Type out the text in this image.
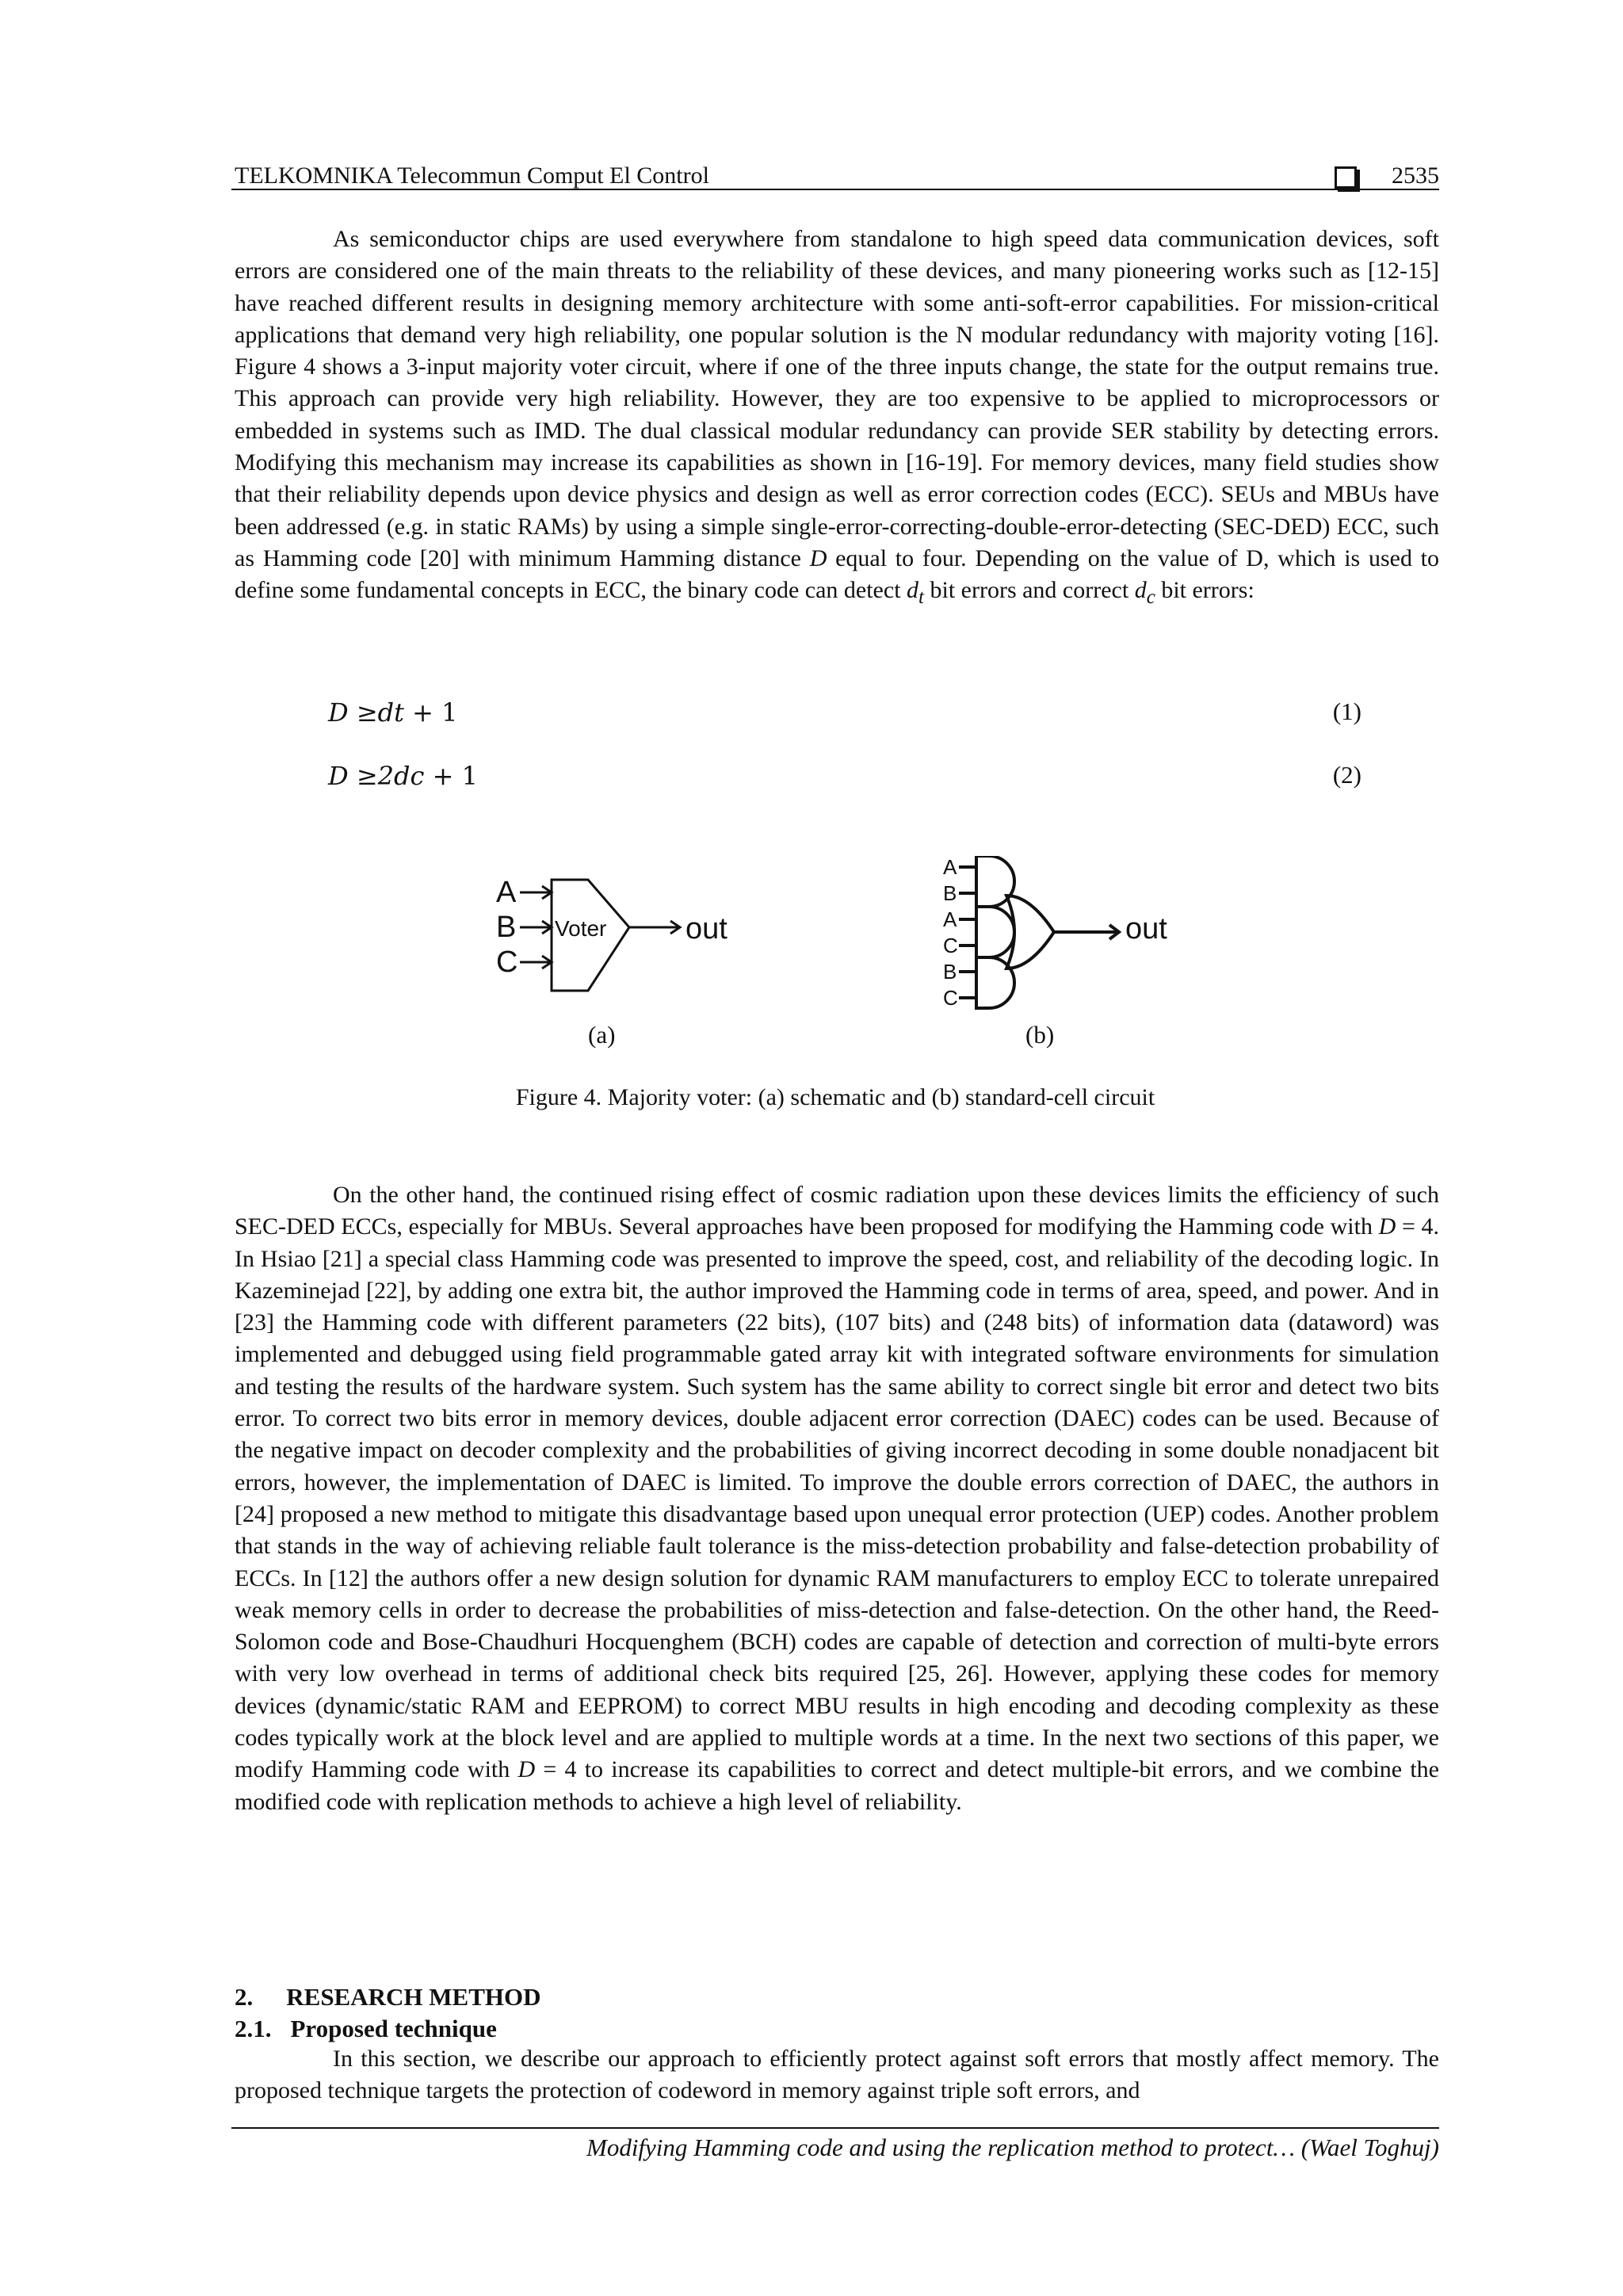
TELKOMNIKA Telecommun Comput El Control	2535

As semiconductor chips are used everywhere from standalone to high speed data communication devices, soft errors are considered one of the main threats to the reliability of these devices, and many pioneering works such as [12-15] have reached different results in designing memory architecture with some anti-soft-error capabilities. For mission-critical applications that demand very high reliability, one popular solution is the N modular redundancy with majority voting [16]. Figure 4 shows a 3-input majority voter circuit, where if one of the three inputs change, the state for the output remains true. This approach can provide very high reliability. However, they are too expensive to be applied to microprocessors or embedded in systems such as IMD. The dual classical modular redundancy can provide SER stability by detecting errors. Modifying this mechanism may increase its capabilities as shown in [16-19]. For memory devices, many field studies show that their reliability depends upon device physics and design as well as error correction codes (ECC). SEUs and MBUs have been addressed (e.g. in static RAMs) by using a simple single-error-correcting-double-error-detecting (SEC-DED) ECC, such as Hamming code [20] with minimum Hamming distance D equal to four. Depending on the value of D, which is used to define some fundamental concepts in ECC, the binary code can detect $d_t$ bit errors and correct $d_c$ bit errors:

D ≥dt + 1	(1)
D ≥2dc + 1	(2)
A
B
C
Voter	out
A
B
A
C
B
C
out
(a)	(b)
Figure 4. Majority voter: (a) schematic and (b) standard-cell circuit

On the other hand, the continued rising effect of cosmic radiation upon these devices limits the efficiency of such SEC-DED ECCs, especially for MBUs. Several approaches have been proposed for modifying the Hamming code with D = 4. In Hsiao [21] a special class Hamming code was presented to improve the speed, cost, and reliability of the decoding logic. In Kazeminejad [22], by adding one extra bit, the author improved the Hamming code in terms of area, speed, and power. And in [23] the Hamming code with different parameters (22 bits), (107 bits) and (248 bits) of information data (dataword) was implemented and debugged using field programmable gated array kit with integrated software environments for simulation and testing the results of the hardware system. Such system has the same ability to correct single bit error and detect two bits error. To correct two bits error in memory devices, double adjacent error correction (DAEC) codes can be used. Because of the negative impact on decoder complexity and the probabilities of giving incorrect decoding in some double nonadjacent bit errors, however, the implementation of DAEC is limited. To improve the double errors correction of DAEC, the authors in [24] proposed a new method to mitigate this disadvantage based upon unequal error protection (UEP) codes. Another problem that stands in the way of achieving reliable fault tolerance is the miss-detection probability and false-detection probability of ECCs. In [12] the authors offer a new design solution for dynamic RAM manufacturers to employ ECC to tolerate unrepaired weak memory cells in order to decrease the probabilities of miss-detection and false-detection. On the other hand, the Reed-Solomon code and Bose-Chaudhuri Hocquenghem (BCH) codes are capable of detection and correction of multi-byte errors with very low overhead in terms of additional check bits required [25, 26]. However, applying these codes for memory devices (dynamic/static RAM and EEPROM) to correct MBU results in high encoding and decoding complexity as these codes typically work at the block level and are applied to multiple words at a time. In the next two sections of this paper, we modify Hamming code with D = 4 to increase its capabilities to correct and detect multiple-bit errors, and we combine the modified code with replication methods to achieve a high level of reliability.

2. RESEARCH METHOD
2.1. Proposed technique

In this section, we describe our approach to efficiently protect against soft errors that mostly affect memory. The proposed technique targets the protection of codeword in memory against triple soft errors, and

Modifying Hamming code and using the replication method to protect… (Wael Toghuj)
